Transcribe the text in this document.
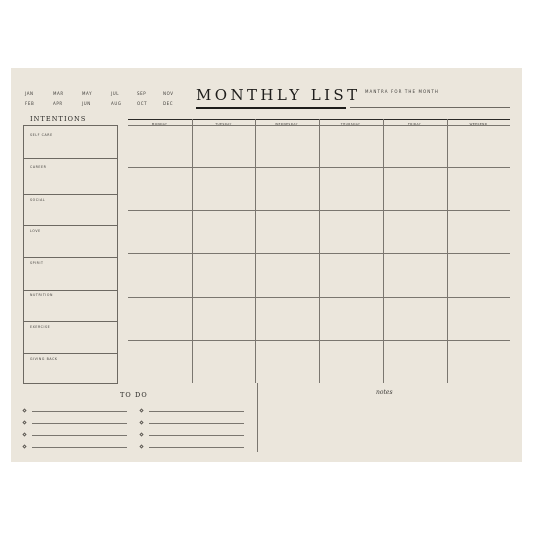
JAN	MAR	MAY	JUL	SEP	NOV
FEB	APR	JUN	AUG	OCT	DEC MONTHLY LIST MANTRA FOR THE MONTH
INTENTIONS
SELF CARE
CAREER
SOCIAL
LOVE
SPIRIT
NUTRITION
EXERCISE
GIVING BACK
MONDAY	TUESDAY	WEDNESDAY	THURSDAY	FRIDAY	WEEKEND
TO DO	notes
